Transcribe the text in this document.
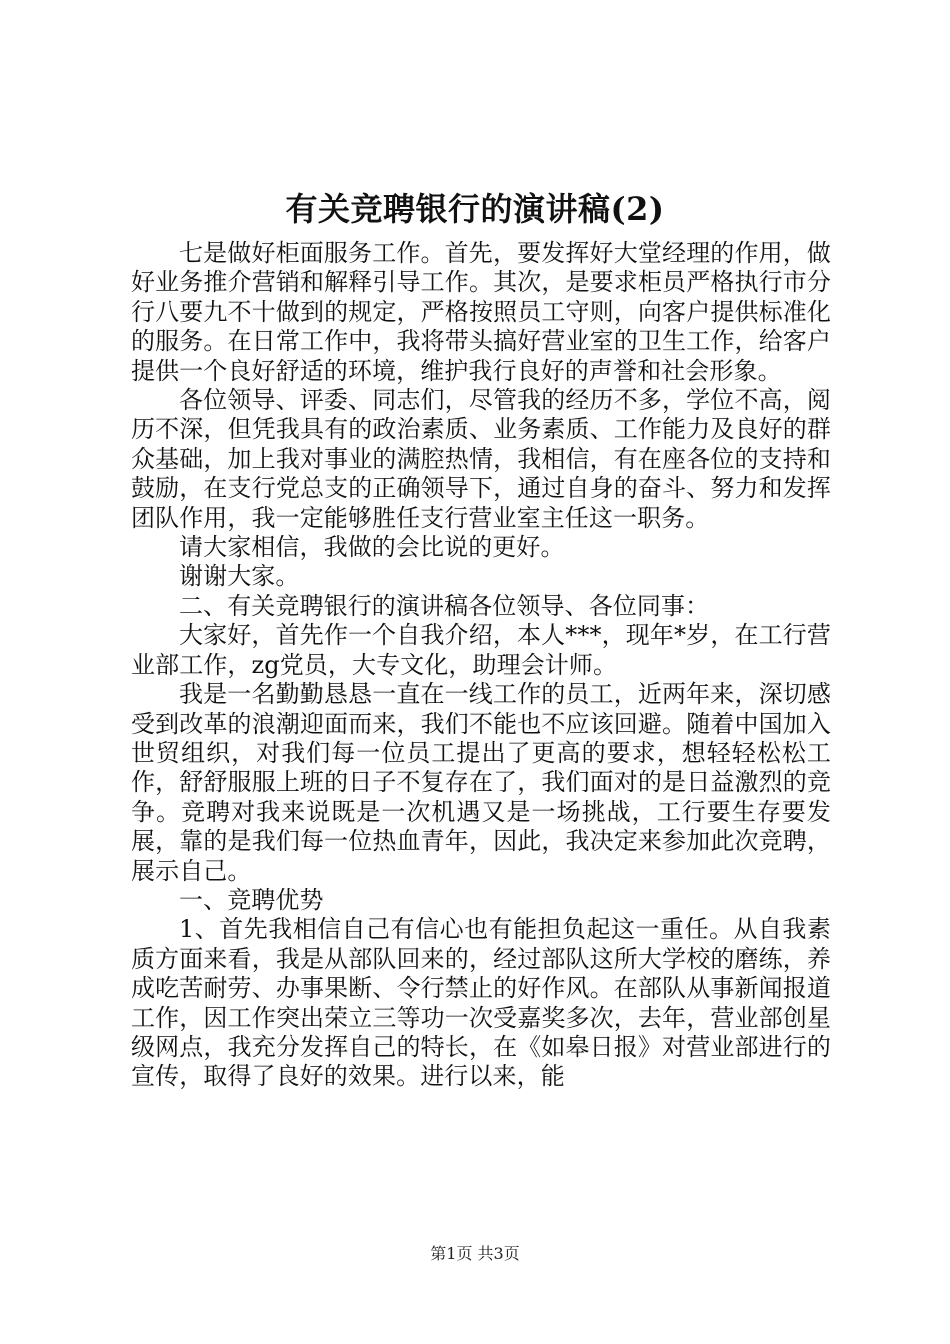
有关竞聘银行的演讲稿(2)

七是做好柜面服务工作。首先，要发挥好大堂经理的作用，做好业务推介营销和解释引导工作。其次，是要求柜员严格执行市分行八要九不十做到的规定，严格按照员工守则，向客户提供标准化的服务。在日常工作中，我将带头搞好营业室的卫生工作，给客户提供一个良好舒适的环境，维护我行良好的声誉和社会形象。

各位领导、评委、同志们，尽管我的经历不多，学位不高，阅历不深，但凭我具有的政治素质、业务素质、工作能力及良好的群众基础，加上我对事业的满腔热情，我相信，有在座各位的支持和鼓励，在支行党总支的正确领导下，通过自身的奋斗、努力和发挥团队作用，我一定能够胜任支行营业室主任这一职务。

请大家相信，我做的会比说的更好。

谢谢大家。

二、有关竞聘银行的演讲稿各位领导、各位同事：

大家好，首先作一个自我介绍，本人***，现年*岁，在工行营业部工作，zg党员，大专文化，助理会计师。

我是一名勤勤恳恳一直在一线工作的员工，近两年来，深切感受到改革的浪潮迎面而来，我们不能也不应该回避。随着中国加入世贸组织，对我们每一位员工提出了更高的要求，想轻轻松松工作，舒舒服服上班的日子不复存在了，我们面对的是日益激烈的竞争。竞聘对我来说既是一次机遇又是一场挑战，工行要生存要发展，靠的是我们每一位热血青年，因此，我决定来参加此次竞聘，展示自己。

一、竞聘优势

1、首先我相信自己有信心也有能担负起这一重任。从自我素质方面来看，我是从部队回来的，经过部队这所大学校的磨练，养成吃苦耐劳、办事果断、令行禁止的好作风。在部队从事新闻报道工作，因工作突出荣立三等功一次受嘉奖多次，去年，营业部创星级网点，我充分发挥自己的特长，在《如皋日报》对营业部进行的宣传，取得了良好的效果。进行以来，能

第1页 共3页
